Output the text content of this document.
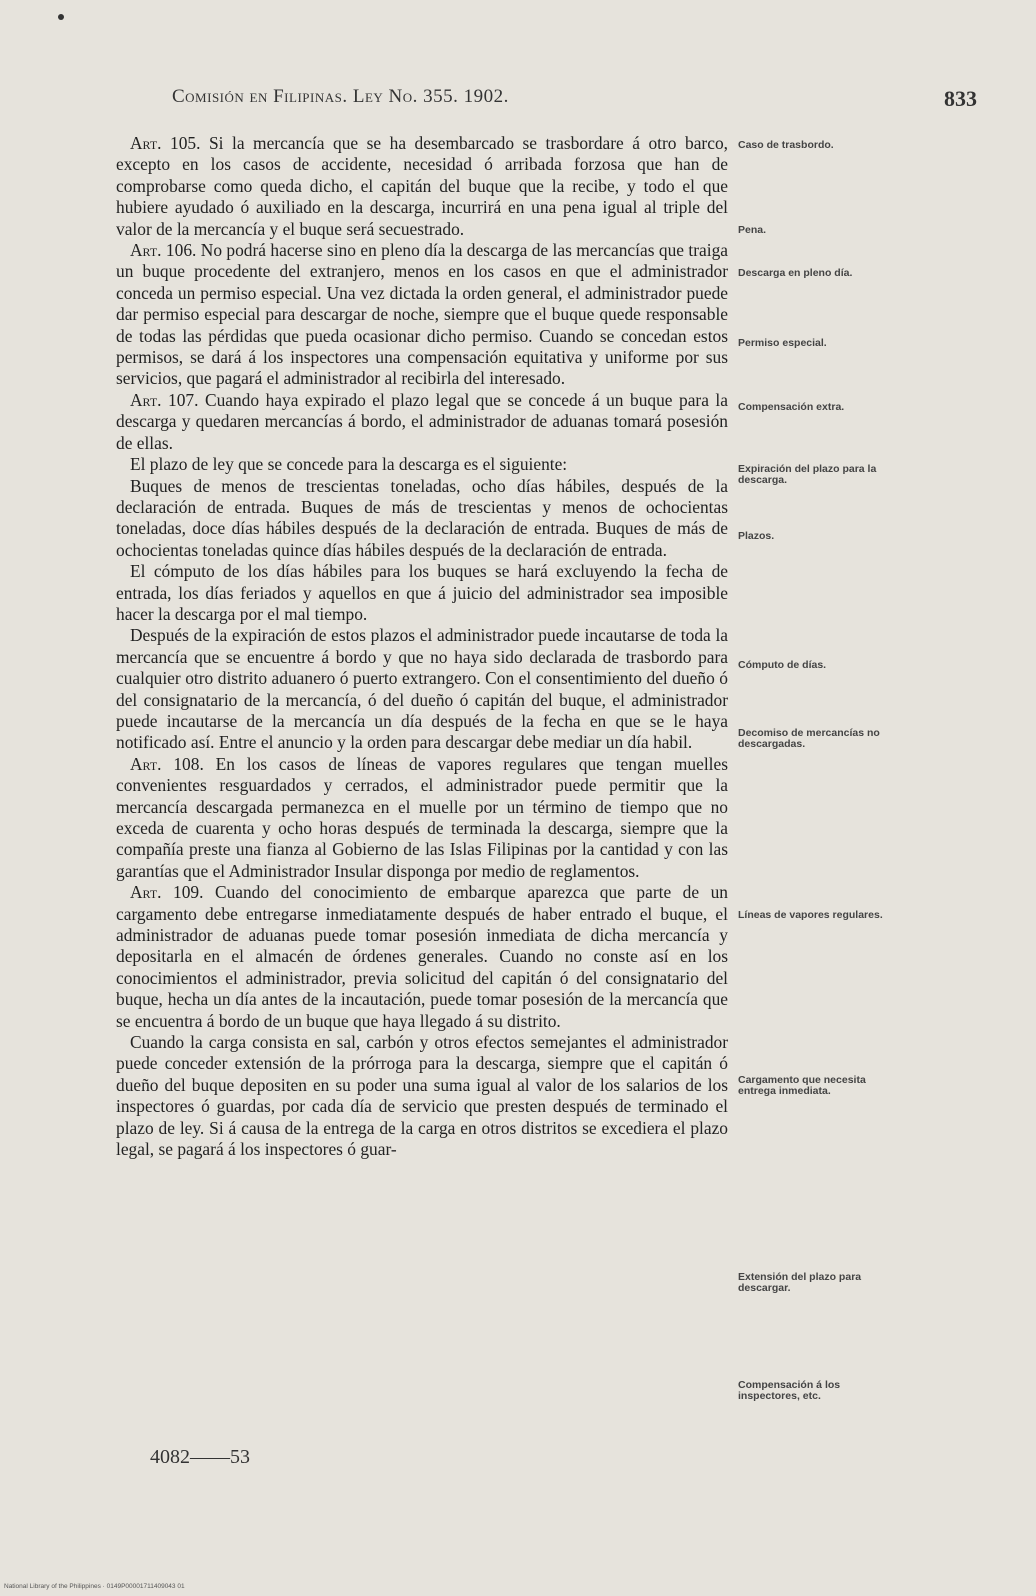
Comisión en Filipinas. Ley No. 355. 1902.	833

Art. 105. Si la mercancía que se ha desembarcado se trasbordare á otro barco, excepto en los casos de accidente, necesidad ó arribada forzosa que han de comprobarse como queda dicho, el capitán del buque que la recibe, y todo el que hubiere ayudado ó auxiliado en la descarga, incurrirá en una pena igual al triple del valor de la mercancía y el buque será secuestrado.

Art. 106. No podrá hacerse sino en pleno día la descarga de las mercancías que traiga un buque procedente del extranjero, menos en los casos en que el administrador conceda un permiso especial. Una vez dictada la orden general, el administrador puede dar permiso especial para descargar de noche, siempre que el buque quede responsable de todas las pérdidas que pueda ocasionar dicho permiso. Cuando se concedan estos permisos, se dará á los inspectores una compensación equitativa y uniforme por sus servicios, que pagará el administrador al recibirla del interesado.

Art. 107. Cuando haya expirado el plazo legal que se concede á un buque para la descarga y quedaren mercancías á bordo, el administrador de aduanas tomará posesión de ellas.

El plazo de ley que se concede para la descarga es el siguiente:

Buques de menos de trescientas toneladas, ocho días hábiles, después de la declaración de entrada. Buques de más de trescientas y menos de ochocientas toneladas, doce días hábiles después de la declaración de entrada. Buques de más de ochocientas toneladas quince días hábiles después de la declaración de entrada.

El cómputo de los días hábiles para los buques se hará excluyendo la fecha de entrada, los días feriados y aquellos en que á juicio del administrador sea imposible hacer la descarga por el mal tiempo.

Después de la expiración de estos plazos el administrador puede incautarse de toda la mercancía que se encuentre á bordo y que no haya sido declarada de trasbordo para cualquier otro distrito aduanero ó puerto extrangero. Con el consentimiento del dueño ó del consignatario de la mercancía, ó del dueño ó capitán del buque, el administrador puede incautarse de la mercancía un día después de la fecha en que se le haya notificado así. Entre el anuncio y la orden para descargar debe mediar un día habil.

Art. 108. En los casos de líneas de vapores regulares que tengan muelles convenientes resguardados y cerrados, el administrador puede permitir que la mercancía descargada permanezca en el muelle por un término de tiempo que no exceda de cuarenta y ocho horas después de terminada la descarga, siempre que la compañía preste una fianza al Gobierno de las Islas Filipinas por la cantidad y con las garantías que el Administrador Insular disponga por medio de reglamentos.

Art. 109. Cuando del conocimiento de embarque aparezca que parte de un cargamento debe entregarse inmediatamente después de haber entrado el buque, el administrador de aduanas puede tomar posesión inmediata de dicha mercancía y depositarla en el almacén de órdenes generales. Cuando no conste así en los conocimientos el administrador, previa solicitud del capitán ó del consignatario del buque, hecha un día antes de la incautación, puede tomar posesión de la mercancía que se encuentra á bordo de un buque que haya llegado á su distrito.

Cuando la carga consista en sal, carbón y otros efectos semejantes el administrador puede conceder extensión de la prórroga para la descarga, siempre que el capitán ó dueño del buque depositen en su poder una suma igual al valor de los salarios de los inspectores ó guardas, por cada día de servicio que presten después de terminado el plazo de ley. Si á causa de la entrega de la carga en otros distritos se excediera el plazo legal, se pagará á los inspectores ó guar-

Caso de trasbordo.
Pena.
Descarga en pleno día.
Permiso especial.
Compensación extra.
Expiración del plazo para la descarga.
Plazos.
Cómputo de días.
Decomiso de mercancías no descargadas.
Líneas de vapores regulares.
Cargamento que necesita entrega inmediata.
Extensión del plazo para descargar.
Compensación á los inspectores, etc.
4082——53
National Library of the Philippines · 0149P00001711409043 01
